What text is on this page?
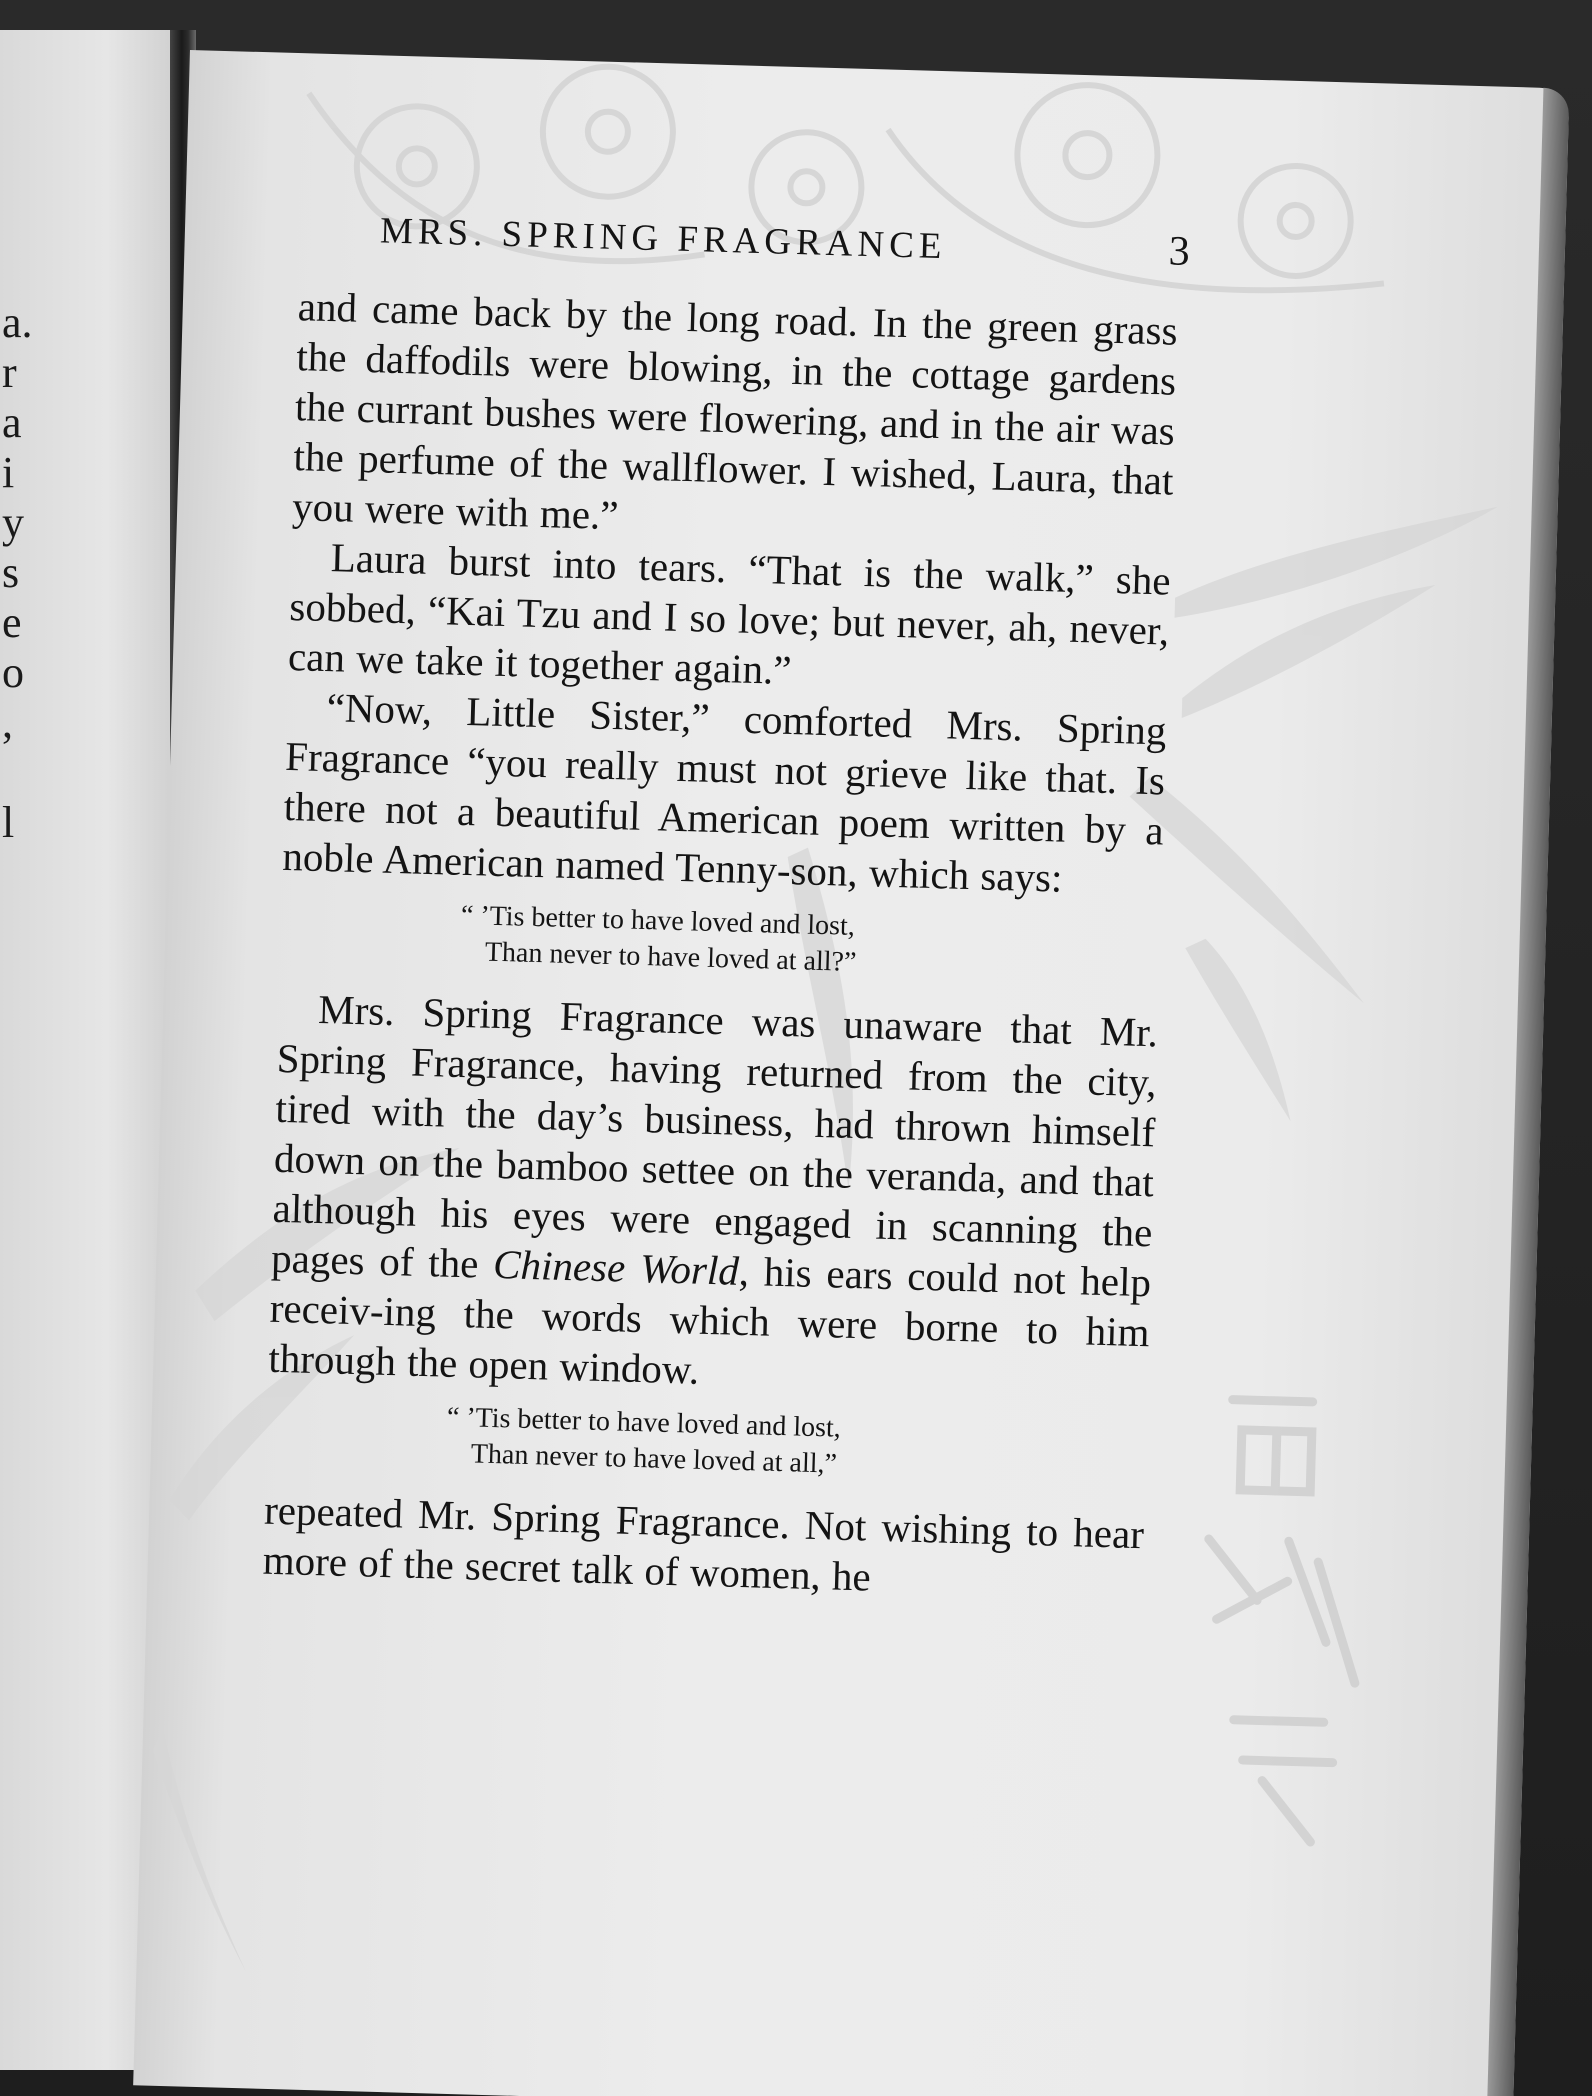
a.
r
a
i
y
s
e
o
,

l
MRS. SPRING FRAGRANCE	3

and came back by the long road. In the green grass the daffodils were blowing, in the cottage gardens the currant bushes were flowering, and in the air was the perfume of the wallflower. I wished, Laura, that you were with me.”

Laura burst into tears. “That is the walk,” she sobbed, “Kai Tzu and I so love; but never, ah, never, can we take it together again.”

“Now, Little Sister,” comforted Mrs. Spring Fragrance “you really must not grieve like that. Is there not a beautiful American poem written by a noble American named Tenny-son, which says:

“ ’Tis better to have loved and lost,
Than never to have loved at all?”

Mrs. Spring Fragrance was unaware that Mr. Spring Fragrance, having returned from the city, tired with the day’s business, had thrown himself down on the bamboo settee on the veranda, and that although his eyes were engaged in scanning the pages of the Chinese World, his ears could not help receiv-ing the words which were borne to him through the open window.

“ ’Tis better to have loved and lost,
Than never to have loved at all,”

repeated Mr. Spring Fragrance. Not wishing to hear more of the secret talk of women, he
